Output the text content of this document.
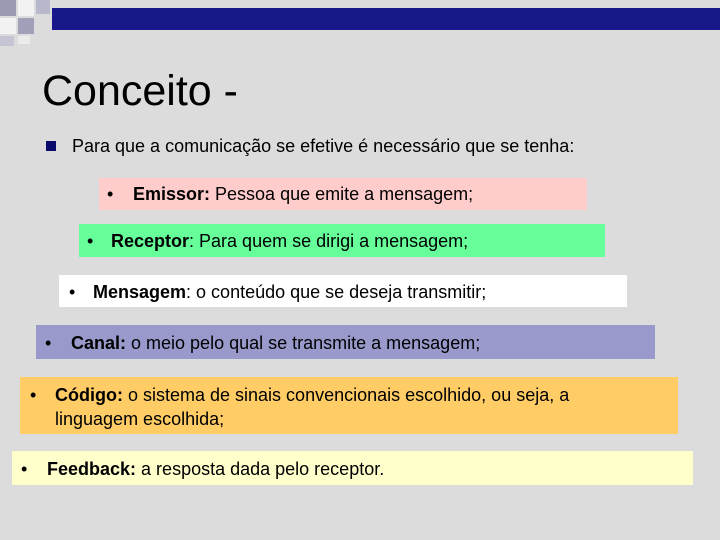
Conceito -
Para que a comunicação se efetive é necessário que se tenha:
• Emissor: Pessoa que emite a mensagem;
• Receptor: Para quem se dirigi a mensagem;
• Mensagem: o conteúdo que se deseja transmitir;
• Canal: o meio pelo qual se transmite a mensagem;
• Código: o sistema de sinais convencionais escolhido, ou seja, a linguagem escolhida;
• Feedback: a resposta dada pelo receptor.
